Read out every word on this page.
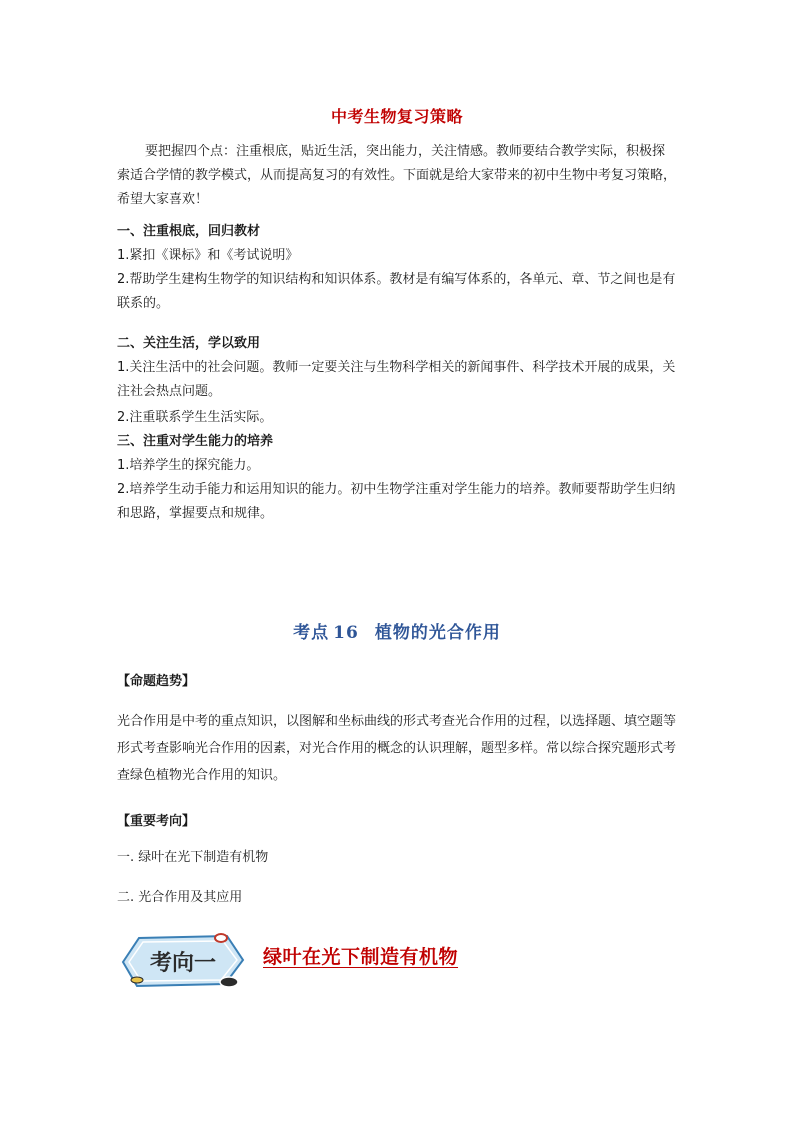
中考生物复习策略
要把握四个点：注重根底，贴近生活，突出能力，关注情感。教师要结合教学实际，积极探索适合学情的教学模式，从而提高复习的有效性。下面就是给大家带来的初中生物中考复习策略，希望大家喜欢！
一、注重根底，回归教材
1.紧扣《课标》和《考试说明》
2.帮助学生建构生物学的知识结构和知识体系。教材是有编写体系的，各单元、章、节之间也是有联系的。
二、关注生活，学以致用
1.关注生活中的社会问题。教师一定要关注与生物科学相关的新闻事件、科学技术开展的成果，关注社会热点问题。
2.注重联系学生生活实际。
三、注重对学生能力的培养
1.培养学生的探究能力。
2.培养学生动手能力和运用知识的能力。初中生物学注重对学生能力的培养。教师要帮助学生归纳和思路，掌握要点和规律。
考点 16 植物的光合作用
【命题趋势】
光合作用是中考的重点知识，以图解和坐标曲线的形式考查光合作用的过程，以选择题、填空题等形式考查影响光合作用的因素，对光合作用的概念的认识理解，题型多样。常以综合探究题形式考查绿色植物光合作用的知识。
【重要考向】
一. 绿叶在光下制造有机物
二. 光合作用及其应用
考向一 绿叶在光下制造有机物
